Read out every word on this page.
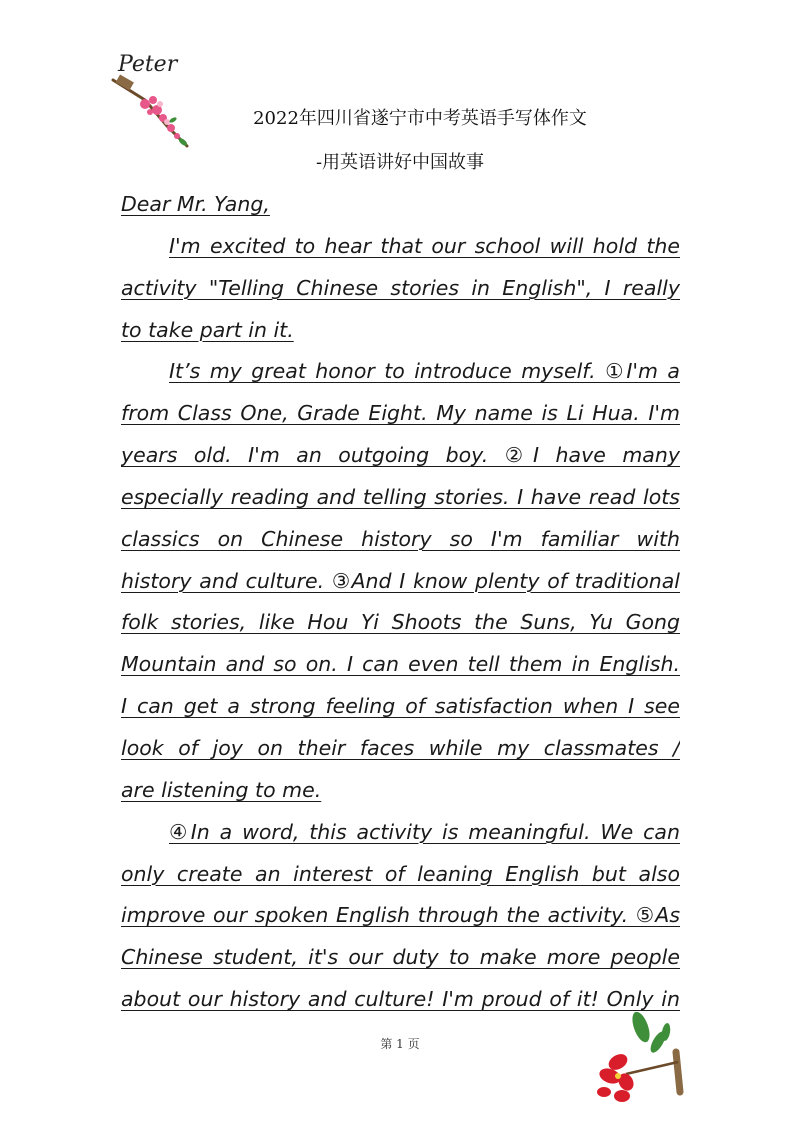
Peter
2022年四川省遂宁市中考英语手写体作文
-用英语讲好中国故事
Dear Mr. Yang,
I'm excited to hear that our school will hold the
activity "Telling Chinese stories in English", I really
to take part in it.
It’s my great honor to introduce myself. ①I'm a
from Class One, Grade Eight. My name is Li Hua. I'm
years old. I'm an outgoing boy. ②I have many
especially reading and telling stories. I have read lots
classics on Chinese history so I'm familiar with
history and culture. ③And I know plenty of traditional
folk stories, like Hou Yi Shoots the Suns, Yu Gong
Mountain and so on. I can even tell them in English.
I can get a strong feeling of satisfaction when I see
look of joy on their faces while my classmates /
are listening to me.
④In a word, this activity is meaningful. We can
only create an interest of leaning English but also
improve our spoken English through the activity. ⑤As
Chinese student, it's our duty to make more people
about our history and culture! I'm proud of it! Only in
第 1 页
